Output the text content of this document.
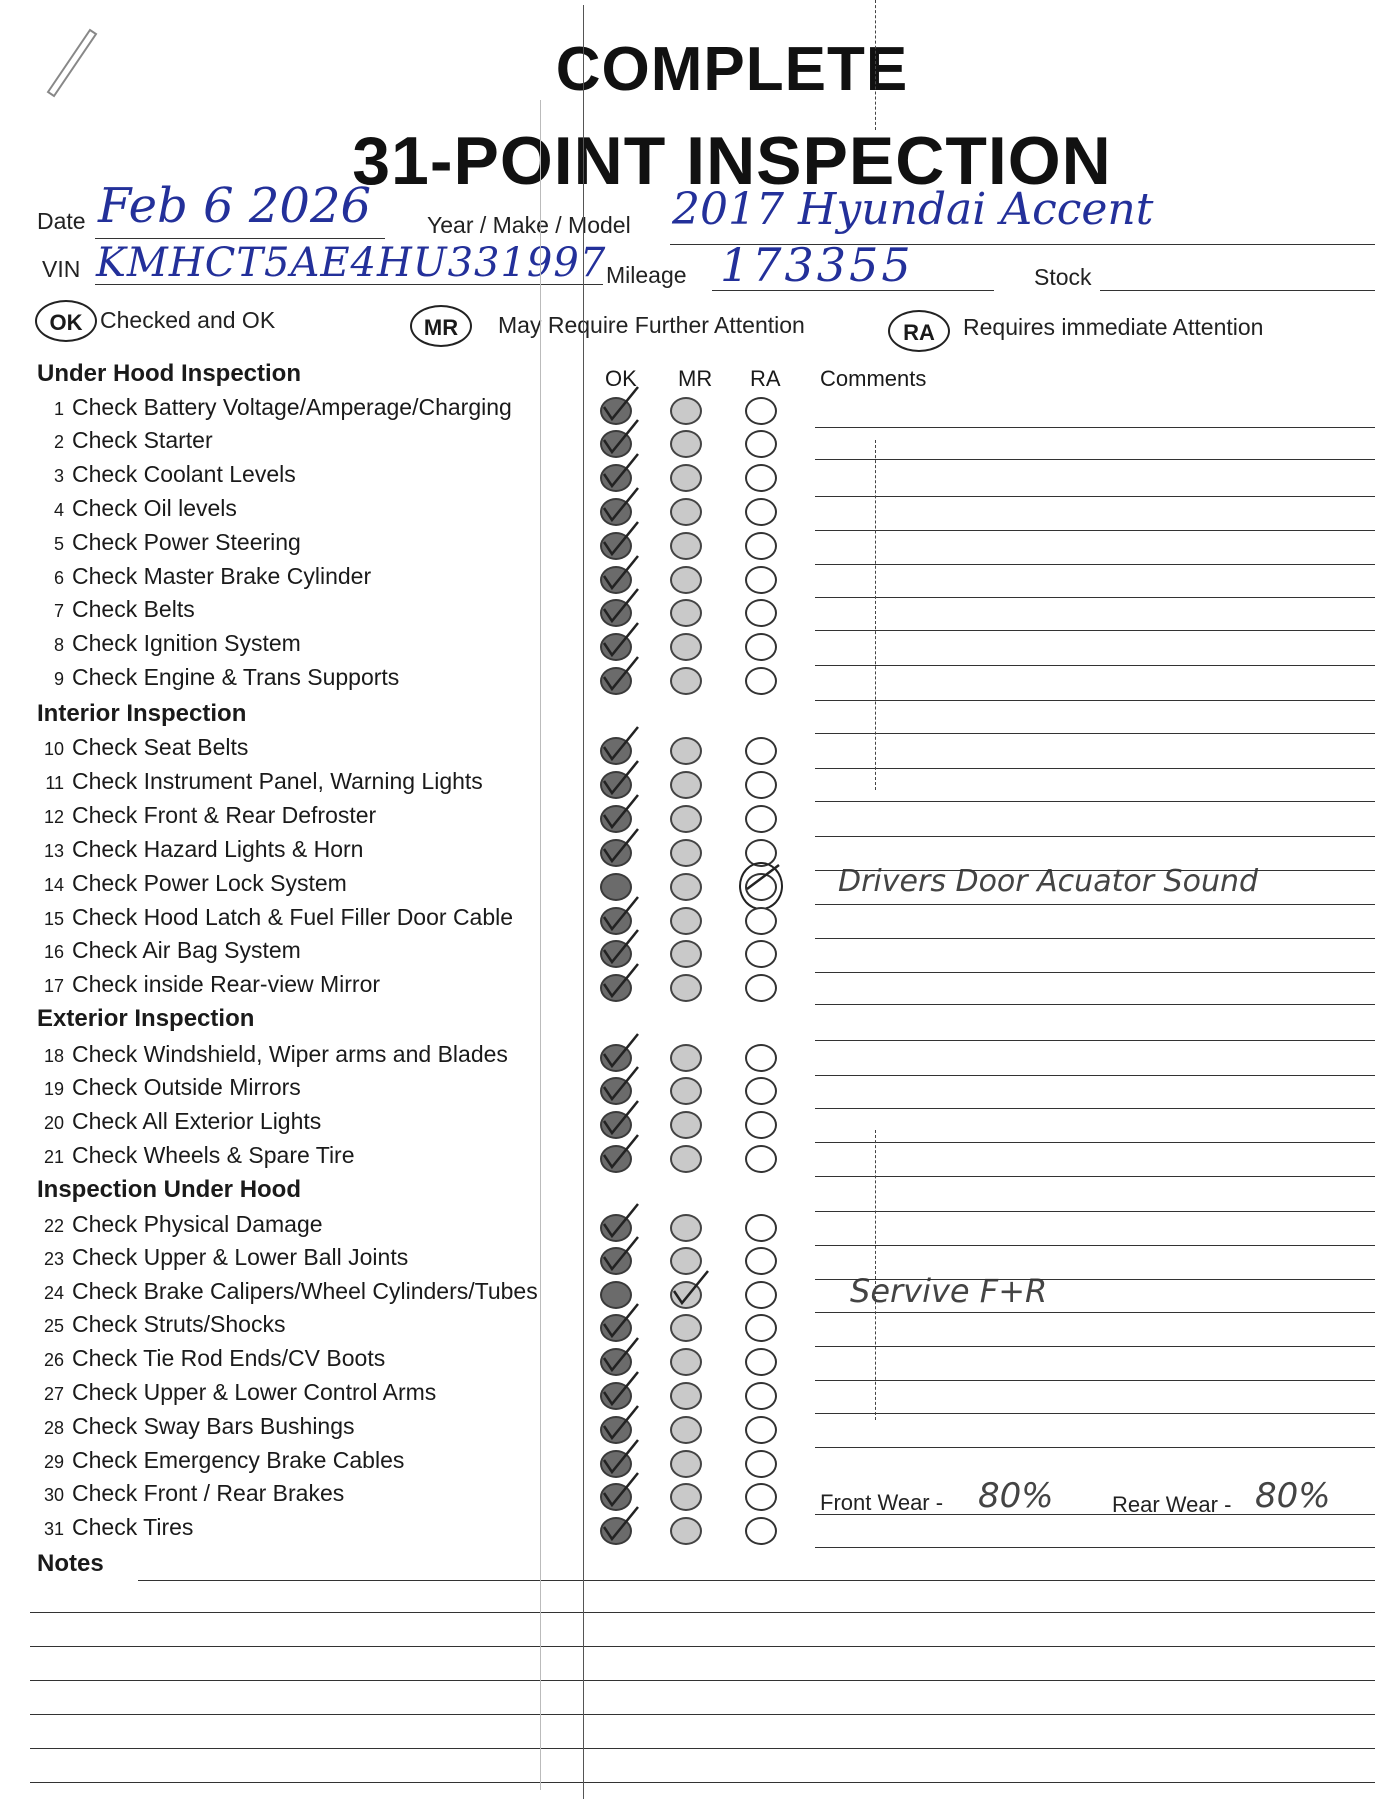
COMPLETE
31-POINT INSPECTION
Date Feb 6 2026 Year / Make / Model 2017 Hyundai Accent
VIN KMHCT5AE4HU331997 Mileage 173355	Stock
OK Checked and OK	MR	May Require Further Attention	RA	Requires immediate Attention
OK MR RA Comments
Under Hood Inspection
1 Check Battery Voltage/Amperage/Charging
2 Check Starter
3 Check Coolant Levels
4 Check Oil levels
5 Check Power Steering
6 Check Master Brake Cylinder
7 Check Belts
8 Check Ignition System
9 Check Engine & Trans Supports
Interior Inspection
10 Check Seat Belts
11 Check Instrument Panel, Warning Lights
12 Check Front & Rear Defroster
13 Check Hazard Lights & Horn
14 Check Power Lock System	Drivers Door Acuator Sound
15 Check Hood Latch & Fuel Filler Door Cable
16 Check Air Bag System
17 Check inside Rear-view Mirror
Exterior Inspection
18 Check Windshield, Wiper arms and Blades
19 Check Outside Mirrors
20 Check All Exterior Lights
21 Check Wheels & Spare Tire
Inspection Under Hood
22 Check Physical Damage
23 Check Upper & Lower Ball Joints
24 Check Brake Calipers/Wheel Cylinders/Tubes	Servive F+R
25 Check Struts/Shocks
26 Check Tie Rod Ends/CV Boots
27 Check Upper & Lower Control Arms
28 Check Sway Bars Bushings
29 Check Emergency Brake Cables
30 Check Front / Rear Brakes
31 Check Tires
Front Wear - 80%	Rear Wear - 80%
Notes
